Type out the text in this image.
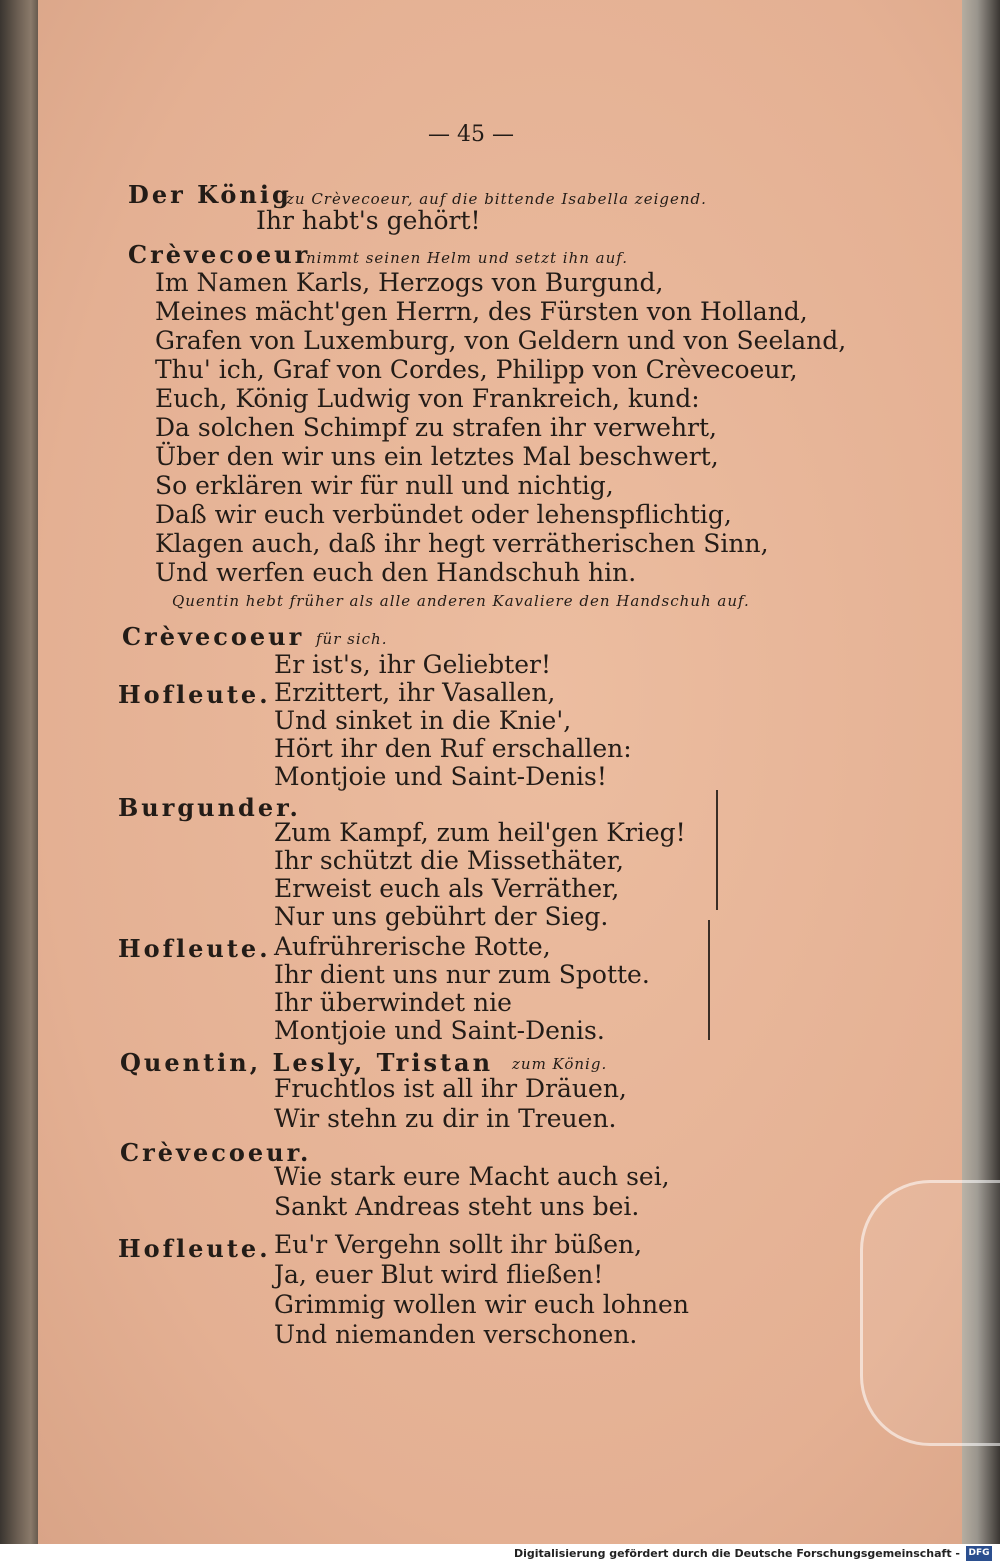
— 45 —
Der König
zu Crèvecoeur, auf die bittende Isabella zeigend.
Ihr habt's gehört!
Crèvecoeur
nimmt seinen Helm und setzt ihn auf.
Im Namen Karls, Herzogs von Burgund,
Meines mächt'gen Herrn, des Fürsten von Holland,
Grafen von Luxemburg, von Geldern und von Seeland,
Thu' ich, Graf von Cordes, Philipp von Crèvecoeur,
Euch, König Ludwig von Frankreich, kund:
Da solchen Schimpf zu strafen ihr verwehrt,
Über den wir uns ein letztes Mal beschwert,
So erklären wir für null und nichtig,
Daß wir euch verbündet oder lehenspflichtig,
Klagen auch, daß ihr hegt verrätherischen Sinn,
Und werfen euch den Handschuh hin.
Quentin hebt früher als alle anderen Kavaliere den Handschuh auf.
Crèvecoeur für sich.
Er ist's, ihr Geliebter!
Hofleute. Erzittert, ihr Vasallen,
Und sinket in die Knie',
Hört ihr den Ruf erschallen:
Montjoie und Saint-Denis!
Burgunder.
Zum Kampf, zum heil'gen Krieg!
Ihr schützt die Missethäter,
Erweist euch als Verräther,
Nur uns gebührt der Sieg.
Hofleute. Aufrührerische Rotte,
Ihr dient uns nur zum Spotte.
Ihr überwindet nie
Montjoie und Saint-Denis.
Quentin, Lesly, Tristan zum König.
Fruchtlos ist all ihr Dräuen,
Wir stehn zu dir in Treuen.
Crèvecoeur.
Wie stark eure Macht auch sei,
Sankt Andreas steht uns bei.
Hofleute. Eu'r Vergehn sollt ihr büßen,
Ja, euer Blut wird fließen!
Grimmig wollen wir euch lohnen
Und niemanden verschonen.
Digitalisierung gefördert durch die Deutsche Forschungsgemeinschaft - DFG
